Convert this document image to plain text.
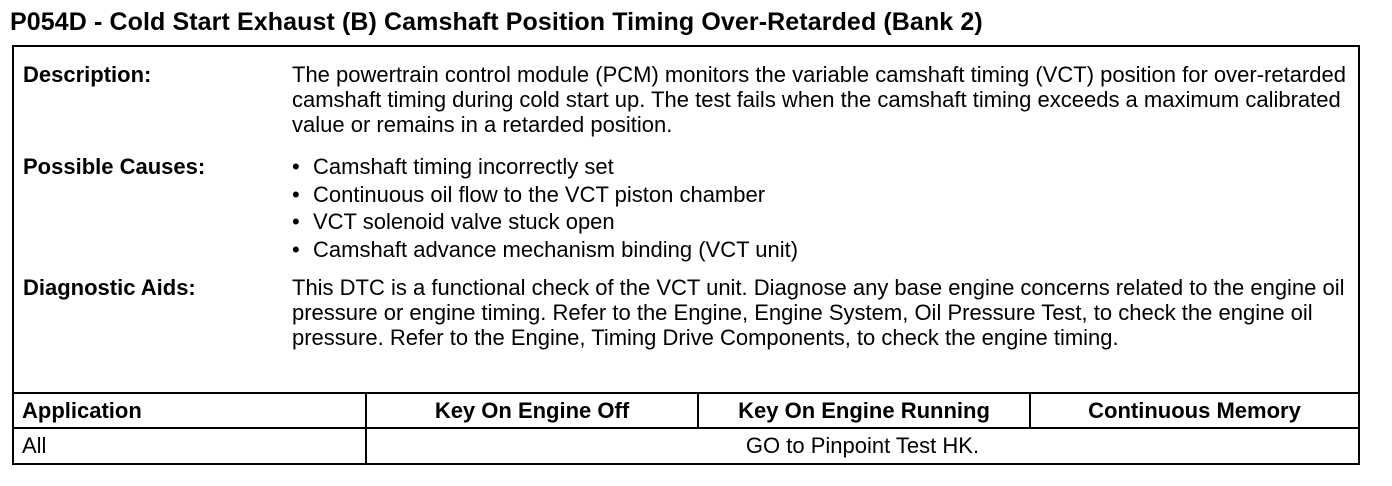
P054D - Cold Start Exhaust (B) Camshaft Position Timing Over-Retarded (Bank 2)
Description:	The powertrain control module (PCM) monitors the variable camshaft timing (VCT) position for over-retarded camshaft timing during cold start up. The test fails when the camshaft timing exceeds a maximum calibrated value or remains in a retarded position.
Possible Causes:	• Camshaft timing incorrectly set
• Continuous oil flow to the VCT piston chamber
• VCT solenoid valve stuck open
• Camshaft advance mechanism binding (VCT unit)
Diagnostic Aids:	This DTC is a functional check of the VCT unit. Diagnose any base engine concerns related to the engine oil pressure or engine timing. Refer to the Engine, Engine System, Oil Pressure Test, to check the engine oil pressure. Refer to the Engine, Timing Drive Components, to check the engine timing.
Application	Key On Engine Off	Key On Engine Running	Continuous Memory
All	GO to Pinpoint Test HK.		
